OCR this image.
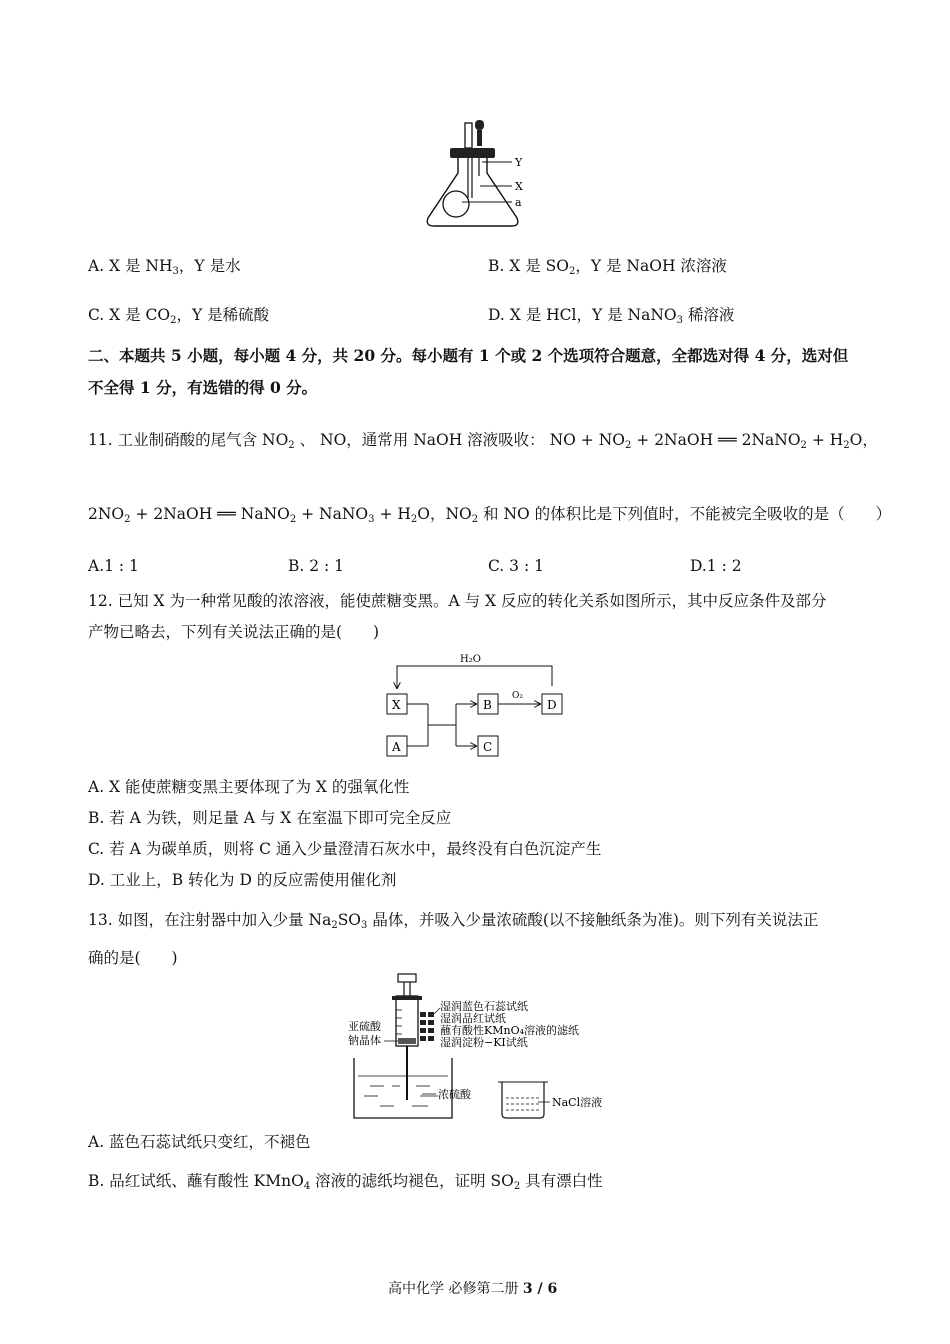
Y
X
a
A. X 是 $NH_3$，Y 是水	B. X 是 $SO_2$，Y 是 NaOH 浓溶液
C. X 是 $CO_2$，Y 是稀硫酸	D. X 是 HCl，Y 是 NaNO$_3$ 稀溶液
二、本题共 5 小题，每小题 4 分，共 20 分。每小题有 1 个或 2 个选项符合题意，全都选对得 4 分，选对但
不全得 1 分，有选错的得 0 分。
11. 工业制硝酸的尾气含 $NO_2$ 、 NO，通常用 NaOH 溶液吸收： NO + $NO_2$ + 2NaOH ══ 2NaNO$_2$ + $H_2O$，
$2NO_2$ + 2NaOH ══ NaNO$_2$ + NaNO$_3$ + $H_2O$，$NO_2$ 和 NO 的体积比是下列值时，不能被完全吸收的是（　　）
A.1 : 1	B. 2 : 1	C. 3 : 1	D.1 : 2
12. 已知 X 为一种常见酸的浓溶液，能使蔗糖变黑。A 与 X 反应的转化关系如图所示，其中反应条件及部分
产物已略去，下列有关说法正确的是(　　)
H₂O
X
A
B
C
D
O₂
A. X 能使蔗糖变黑主要体现了为 X 的强氧化性
B. 若 A 为铁，则足量 A 与 X 在室温下即可完全反应
C. 若 A 为碳单质，则将 C 通入少量澄清石灰水中，最终没有白色沉淀产生
D. 工业上，B 转化为 D 的反应需使用催化剂
13. 如图，在注射器中加入少量 $Na_2SO_3$ 晶体，并吸入少量浓硫酸(以不接触纸条为准)。则下列有关说法正
确的是(　　)
亚硫酸
钠晶体
湿润蓝色石蕊试纸
湿润品红试纸
蘸有酸性KMnO₄溶液的滤纸
湿润淀粉−KI试纸
浓硫酸
NaCl溶液
A. 蓝色石蕊试纸只变红，不褪色
B. 品红试纸、蘸有酸性 KMnO$_4$ 溶液的滤纸均褪色，证明 $SO_2$ 具有漂白性
高中化学 必修第二册 3 / 6
